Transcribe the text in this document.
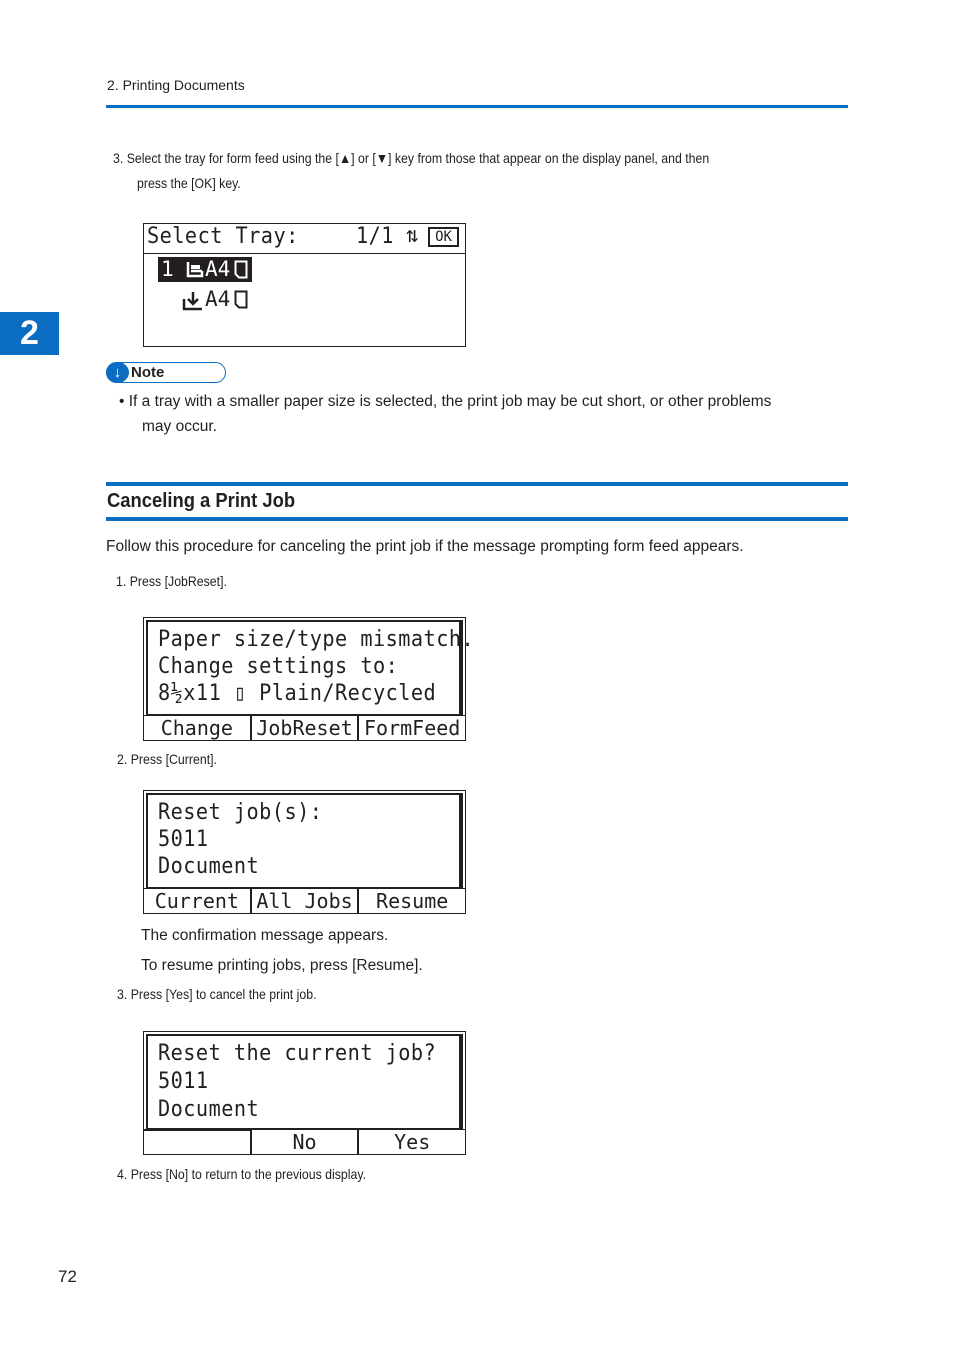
2. Printing Documents
2
3. Select the tray for form feed using the [▲] or [▼] key from those that appear on the display panel, and then
press the [OK] key.
Select Tray:	1/1 ⇅	OK
1 A4
A4
↓ Note
• If a tray with a smaller paper size is selected, the print job may be cut short, or other problems
may occur.
Canceling a Print Job
Follow this procedure for canceling the print job if the message prompting form feed appears.
1. Press [JobReset].
Paper size/type mismatch.
Change settings to:
8½x11 ▯ Plain/Recycled
Change	JobReset FormFeed
2. Press [Current].
Reset job(s):
5011
Document
Current All Jobs	Resume
The confirmation message appears.
To resume printing jobs, press [Resume].
3. Press [Yes] to cancel the print job.
Reset the current job?
5011
Document
No	Yes
4. Press [No] to return to the previous display.
72
